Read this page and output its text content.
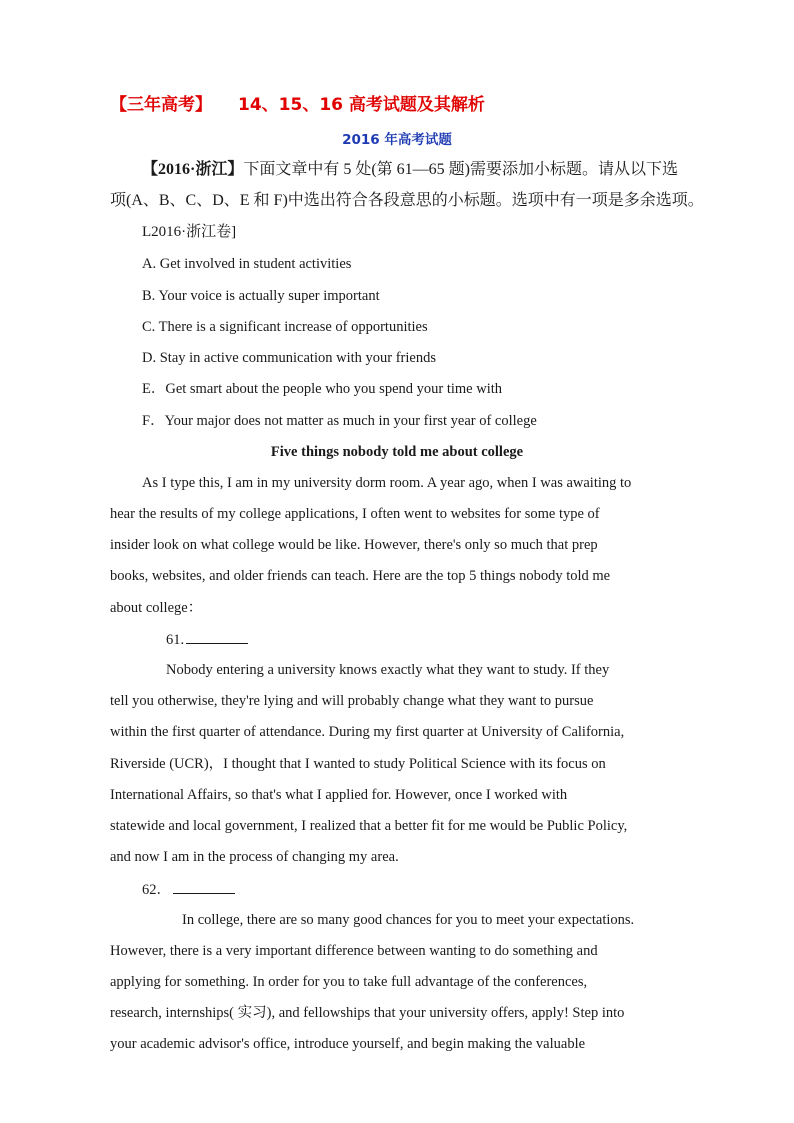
【三年高考】 14、15、16 高考试题及其解析
2016 年高考试题
【2016·浙江】下面文章中有 5 处(第 61—65 题)需要添加小标题。请从以下选
项(A、B、C、D、E 和 F)中选出符合各段意思的小标题。选项中有一项是多余选项。
L2016·浙江卷]
A. Get involved in student activities
B. Your voice is actually super important
C. There is a significant increase of opportunities
D. Stay in active communication with your friends
E．Get smart about the people who you spend your time with
F．Your major does not matter as much in your first year of college
Five things nobody told me about college
As I type this, I am in my university dorm room. A year ago, when I was awaiting to
hear the results of my college applications, I often went to websites for some type of
insider look on what college would be like. However, there's only so much that prep
books, websites, and older friends can teach. Here are the top 5 things nobody told me
about college：
61.
Nobody entering a university knows exactly what they want to study. If they
tell you otherwise, they're lying and will probably change what they want to pursue
within the first quarter of attendance. During my first quarter at University of California,
Riverside (UCR)，I thought that I wanted to study Political Science with its focus on
International Affairs, so that's what I applied for. However, once I worked with
statewide and local government, I realized that a better fit for me would be Public Policy,
and now I am in the process of changing my area.
62．
In college, there are so many good chances for you to meet your expectations.
However, there is a very important difference between wanting to do something and
applying for something. In order for you to take full advantage of the conferences,
research, internships( 实习), and fellowships that your university offers, apply! Step into
your academic advisor's office, introduce yourself, and begin making the valuable
